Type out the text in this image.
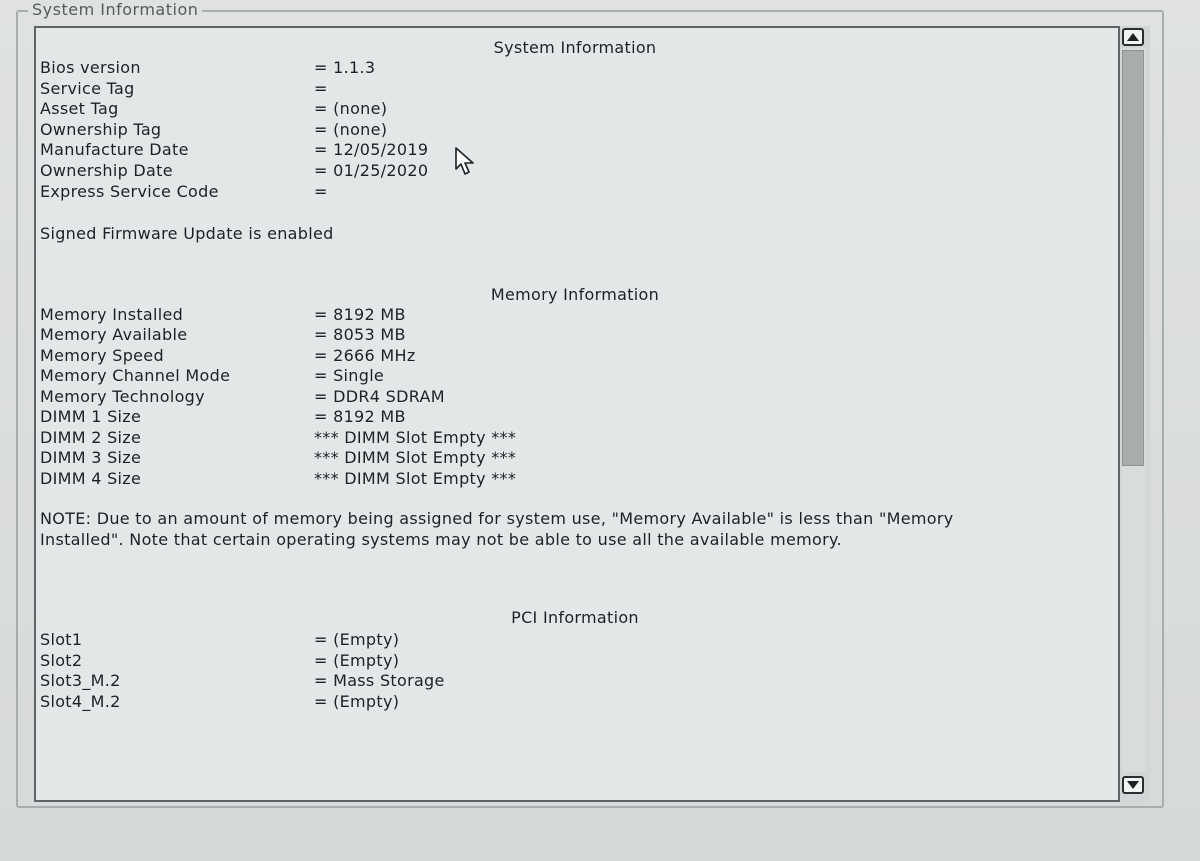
System Information
System Information
Bios version	= 1.1.3
Service Tag	=
Asset Tag	= (none)
Ownership Tag	= (none)
Manufacture Date	= 12/05/2019
Ownership Date	= 01/25/2020
Express Service Code	=
Signed Firmware Update is enabled
Memory Information
Memory Installed	= 8192 MB
Memory Available	= 8053 MB
Memory Speed	= 2666 MHz
Memory Channel Mode	= Single
Memory Technology	= DDR4 SDRAM
DIMM 1 Size	= 8192 MB
DIMM 2 Size	*** DIMM Slot Empty ***
DIMM 3 Size	*** DIMM Slot Empty ***
DIMM 4 Size	*** DIMM Slot Empty ***
NOTE: Due to an amount of memory being assigned for system use, "Memory Available" is less than "Memory Installed". Note that certain operating systems may not be able to use all the available memory.
PCI Information
Slot1	= (Empty)
Slot2	= (Empty)
Slot3_M.2	= Mass Storage
Slot4_M.2	= (Empty)
